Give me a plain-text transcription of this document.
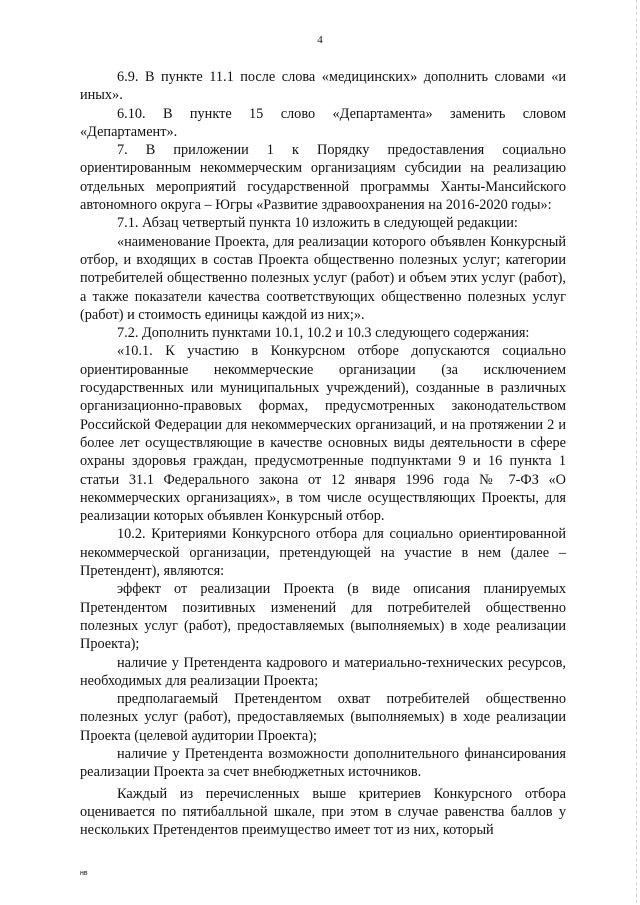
4

6.9. В пункте 11.1 после слова «медицинских» дополнить словами «и иных».

6.10. В пункте 15 слово «Департамента» заменить словом «Департамент».

7. В приложении 1 к Порядку предоставления социально ориентированным некоммерческим организациям субсидии на реализацию отдельных мероприятий государственной программы Ханты-Мансийского автономного округа – Югры «Развитие здравоохранения на 2016-2020 годы»:

7.1. Абзац четвертый пункта 10 изложить в следующей редакции:

«наименование Проекта, для реализации которого объявлен Конкурсный отбор, и входящих в состав Проекта общественно полезных услуг; категории потребителей общественно полезных услуг (работ) и объем этих услуг (работ), а также показатели качества соответствующих общественно полезных услуг (работ) и стоимость единицы каждой из них;».

7.2. Дополнить пунктами 10.1, 10.2 и 10.3 следующего содержания:

«10.1. К участию в Конкурсном отборе допускаются социально ориентированные некоммерческие организации (за исключением государственных или муниципальных учреждений), созданные в различных организационно-правовых формах, предусмотренных законодательством Российской Федерации для некоммерческих организаций, и на протяжении 2 и более лет осуществляющие в качестве основных виды деятельности в сфере охраны здоровья граждан, предусмотренные подпунктами 9 и 16 пункта 1 статьи 31.1 Федерального закона от 12 января 1996 года № 7-ФЗ «О некоммерческих организациях», в том числе осуществляющих Проекты, для реализации которых объявлен Конкурсный отбор.

10.2. Критериями Конкурсного отбора для социально ориентированной некоммерческой организации, претендующей на участие в нем (далее – Претендент), являются:

эффект от реализации Проекта (в виде описания планируемых Претендентом позитивных изменений для потребителей общественно полезных услуг (работ), предоставляемых (выполняемых) в ходе реализации Проекта);

наличие у Претендента кадрового и материально-технических ресурсов, необходимых для реализации Проекта;

предполагаемый Претендентом охват потребителей общественно полезных услуг (работ), предоставляемых (выполняемых) в ходе реализации Проекта (целевой аудитории Проекта);

наличие у Претендента возможности дополнительного финансирования реализации Проекта за счет внебюджетных источников.

Каждый из перечисленных выше критериев Конкурсного отбора оценивается по пятибалльной шкале, при этом в случае равенства баллов у нескольких Претендентов преимущество имеет тот из них, который

нв
